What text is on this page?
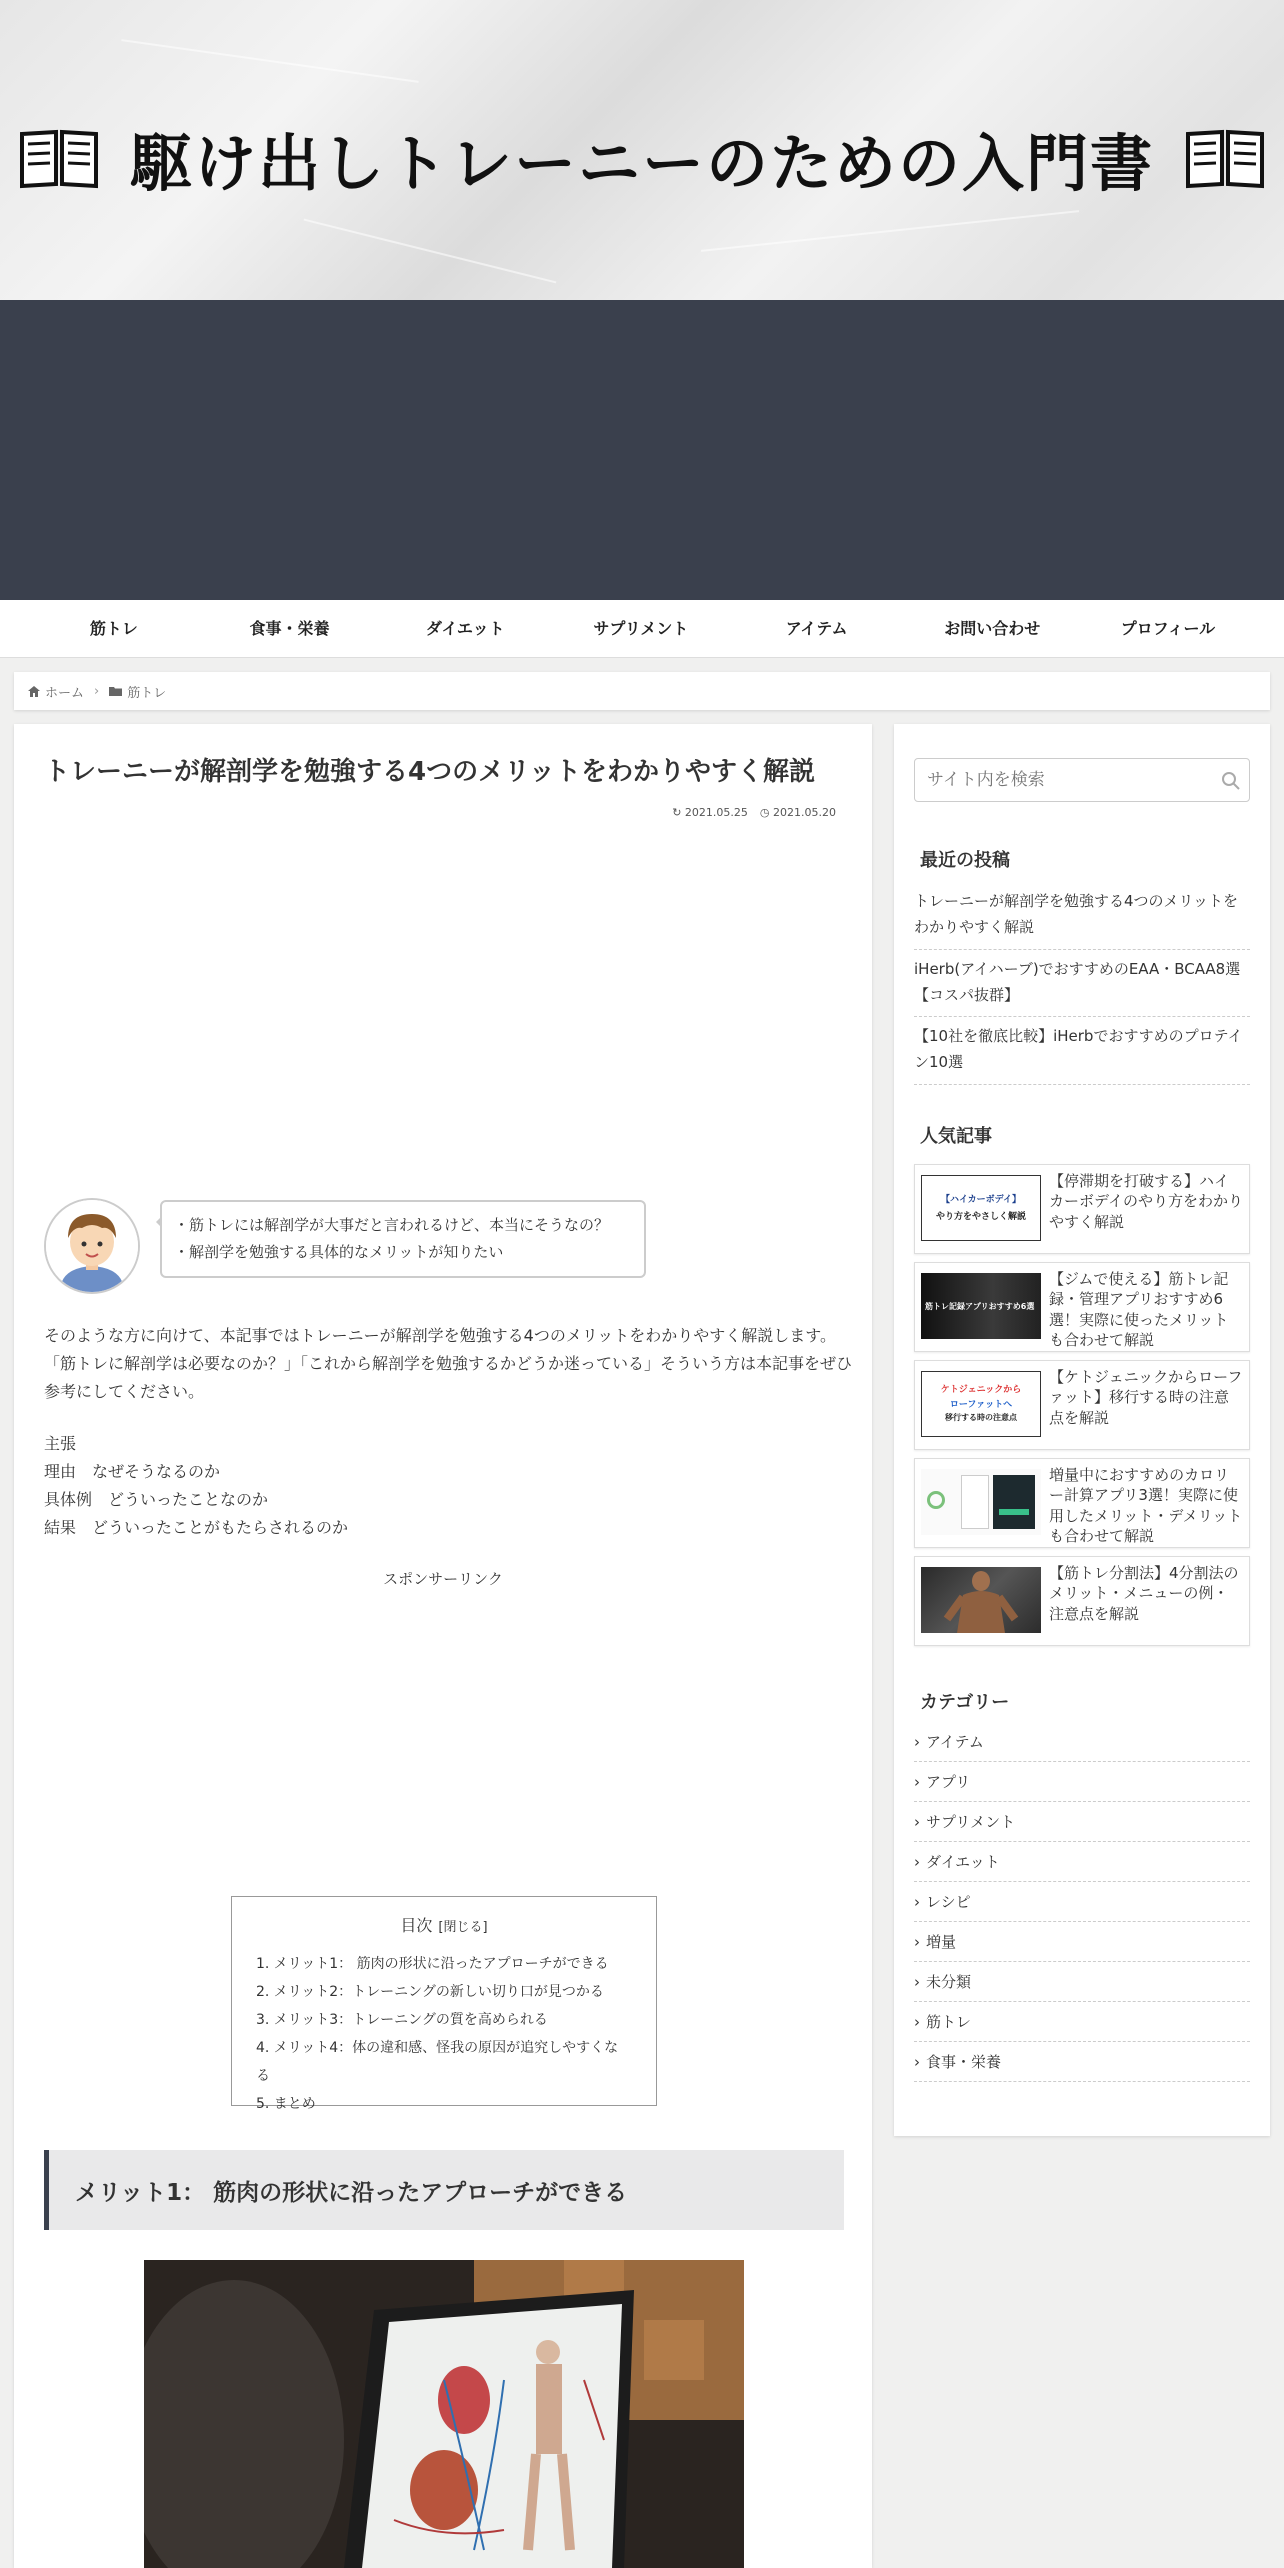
駆け出しトレーニーのための入門書
筋トレ	食事・栄養	ダイエット	サプリメント	アイテム	お問い合わせ	プロフィール
ホーム › 筋トレ
トレーニーが解剖学を勉強する4つのメリットをわかりやすく解説
↻ 2021.05.25 ◷ 2021.05.20
・筋トレには解剖学が大事だと言われるけど、本当にそうなの？
・解剖学を勉強する具体的なメリットが知りたい
そのような方に向けて、本記事ではトレーニーが解剖学を勉強する4つのメリットをわかりやすく解説します。
「筋トレに解剖学は必要なのか？」「これから解剖学を勉強するかどうか迷っている」そういう方は本記事をぜひ参考にしてください。
主張
理由　なぜそうなるのか
具体例　どういったことなのか
結果　どういったことがもたらされるのか
スポンサーリンク
目次 [閉じる]
1. メリット1： 筋肉の形状に沿ったアプローチができる
2. メリット2：トレーニングの新しい切り口が見つかる
3. メリット3：トレーニングの質を高められる
4. メリット4：体の違和感、怪我の原因が追究しやすくなる
5. まとめ
メリット1： 筋肉の形状に沿ったアプローチができる
サイト内を検索
最近の投稿
トレーニーが解剖学を勉強する4つのメリットをわかりやすく解説
iHerb(アイハーブ)でおすすめのEAA・BCAA8選【コスパ抜群】
【10社を徹底比較】iHerbでおすすめのプロテイン10選
人気記事
【ハイカーボデイ】
やり方をやさしく解説
【停滞期を打破する】ハイカーボデイのやり方をわかりやすく解説
筋トレ記録アプリおすすめ6選
【ジムで使える】筋トレ記録・管理アプリおすすめ6選！実際に使ったメリットも合わせて解説
ケトジェニックから
ローファットへ
移行する時の注意点
【ケトジェニックからローファット】移行する時の注意点を解説
増量中におすすめのカロリー計算アプリ3選！実際に使用したメリット・デメリットも合わせて解説
【筋トレ分割法】4分割法のメリット・メニューの例・注意点を解説
カテゴリー
› アイテム
› アプリ
› サプリメント
› ダイエット
› レシピ
› 増量
› 未分類
› 筋トレ
› 食事・栄養
